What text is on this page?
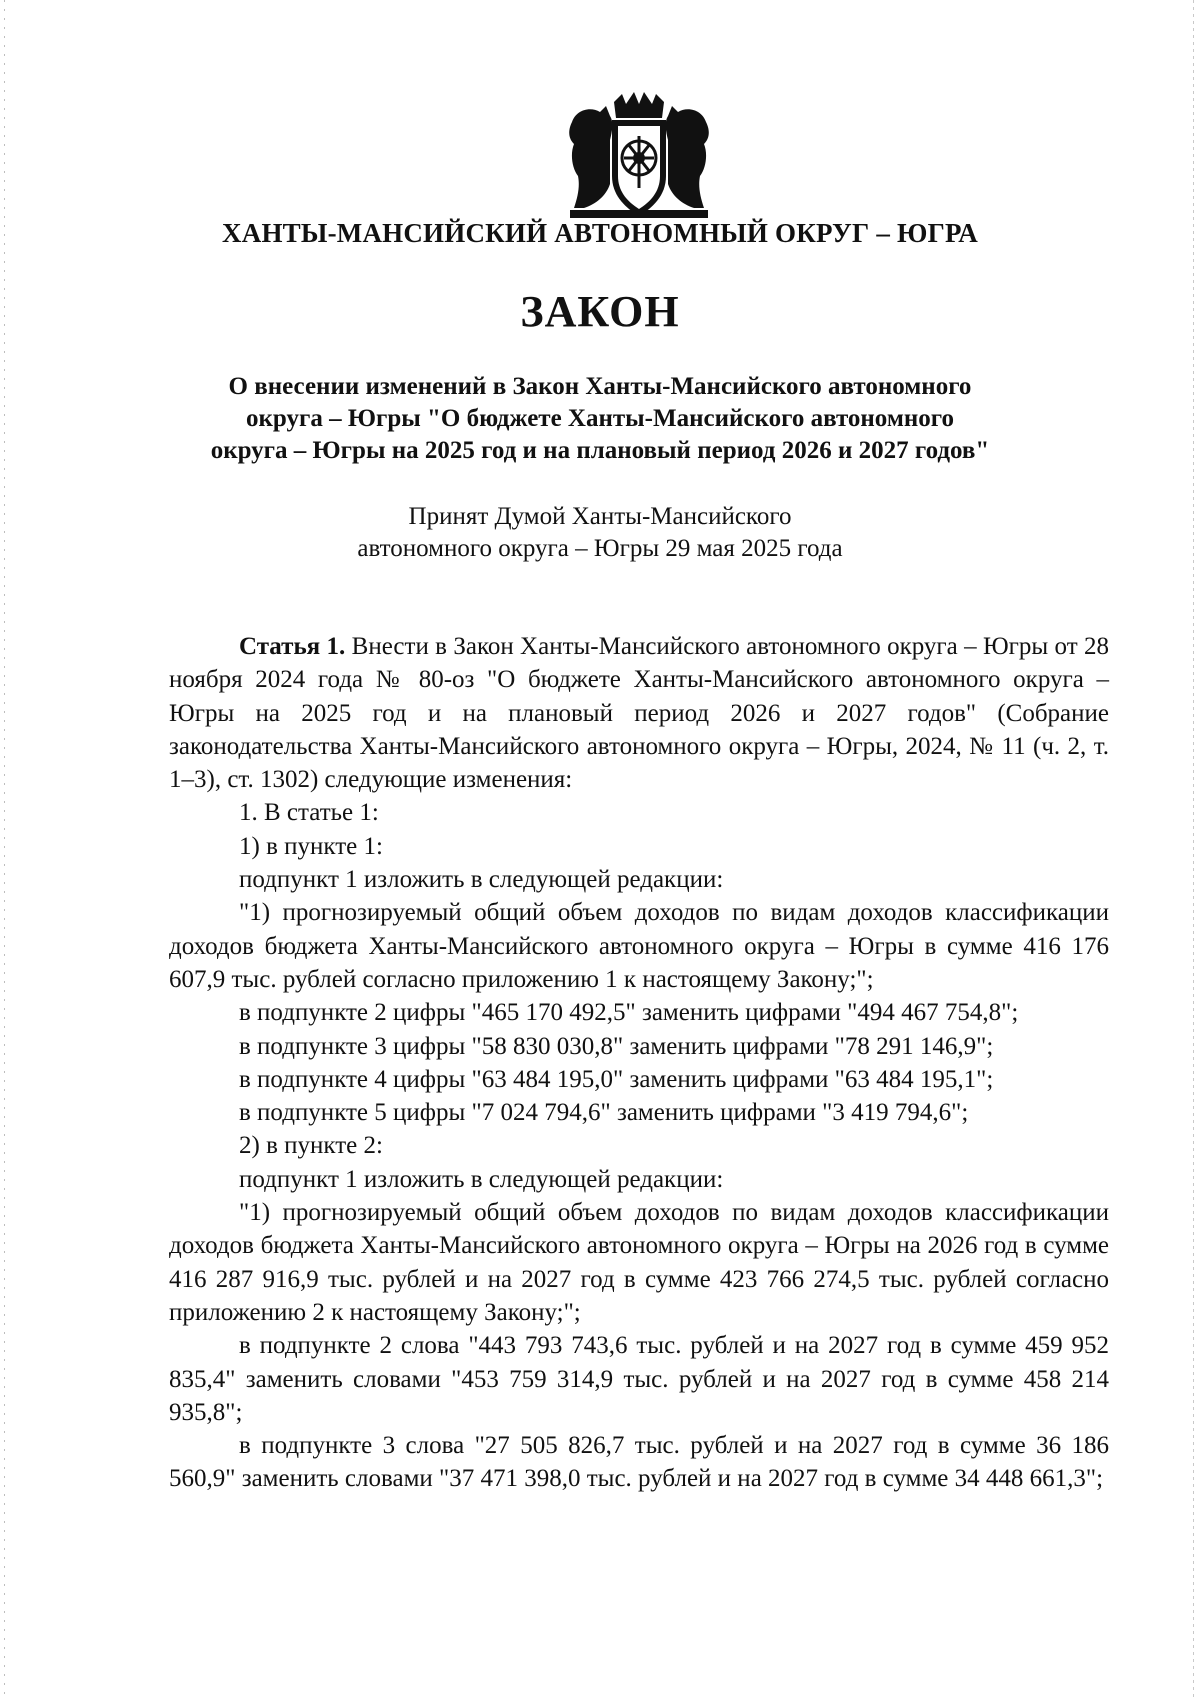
ХАНТЫ-МАНСИЙСКИЙ АВТОНОМНЫЙ ОКРУГ – ЮГРА
ЗАКОН
О внесении изменений в Закон Ханты-Мансийского автономного
округа – Югры "О бюджете Ханты-Мансийского автономного
округа – Югры на 2025 год и на плановый период 2026 и 2027 годов"
Принят Думой Ханты-Мансийского
автономного округа – Югры 29 мая 2025 года

Статья 1. Внести в Закон Ханты-Мансийского автономного округа – Югры от 28 ноября 2024 года № 80-оз "О бюджете Ханты-Мансийского автономного округа – Югры на 2025 год и на плановый период 2026 и 2027 годов" (Собрание законодательства Ханты-Мансийского автономного округа – Югры, 2024, № 11 (ч. 2, т. 1–3), ст. 1302) следующие изменения:

1. В статье 1:

1) в пункте 1:

подпункт 1 изложить в следующей редакции:

"1) прогнозируемый общий объем доходов по видам доходов классификации доходов бюджета Ханты-Мансийского автономного округа – Югры в сумме 416 176 607,9 тыс. рублей согласно приложению 1 к настоящему Закону;";

в подпункте 2 цифры "465 170 492,5" заменить цифрами "494 467 754,8";

в подпункте 3 цифры "58 830 030,8" заменить цифрами "78 291 146,9";

в подпункте 4 цифры "63 484 195,0" заменить цифрами "63 484 195,1";

в подпункте 5 цифры "7 024 794,6" заменить цифрами "3 419 794,6";

2) в пункте 2:

подпункт 1 изложить в следующей редакции:

"1) прогнозируемый общий объем доходов по видам доходов классификации доходов бюджета Ханты-Мансийского автономного округа – Югры на 2026 год в сумме 416 287 916,9 тыс. рублей и на 2027 год в сумме 423 766 274,5 тыс. рублей согласно приложению 2 к настоящему Закону;";

в подпункте 2 слова "443 793 743,6 тыс. рублей и на 2027 год в сумме 459 952 835,4" заменить словами "453 759 314,9 тыс. рублей и на 2027 год в сумме 458 214 935,8";

в подпункте 3 слова "27 505 826,7 тыс. рублей и на 2027 год в сумме 36 186 560,9" заменить словами "37 471 398,0 тыс. рублей и на 2027 год в сумме 34 448 661,3";
